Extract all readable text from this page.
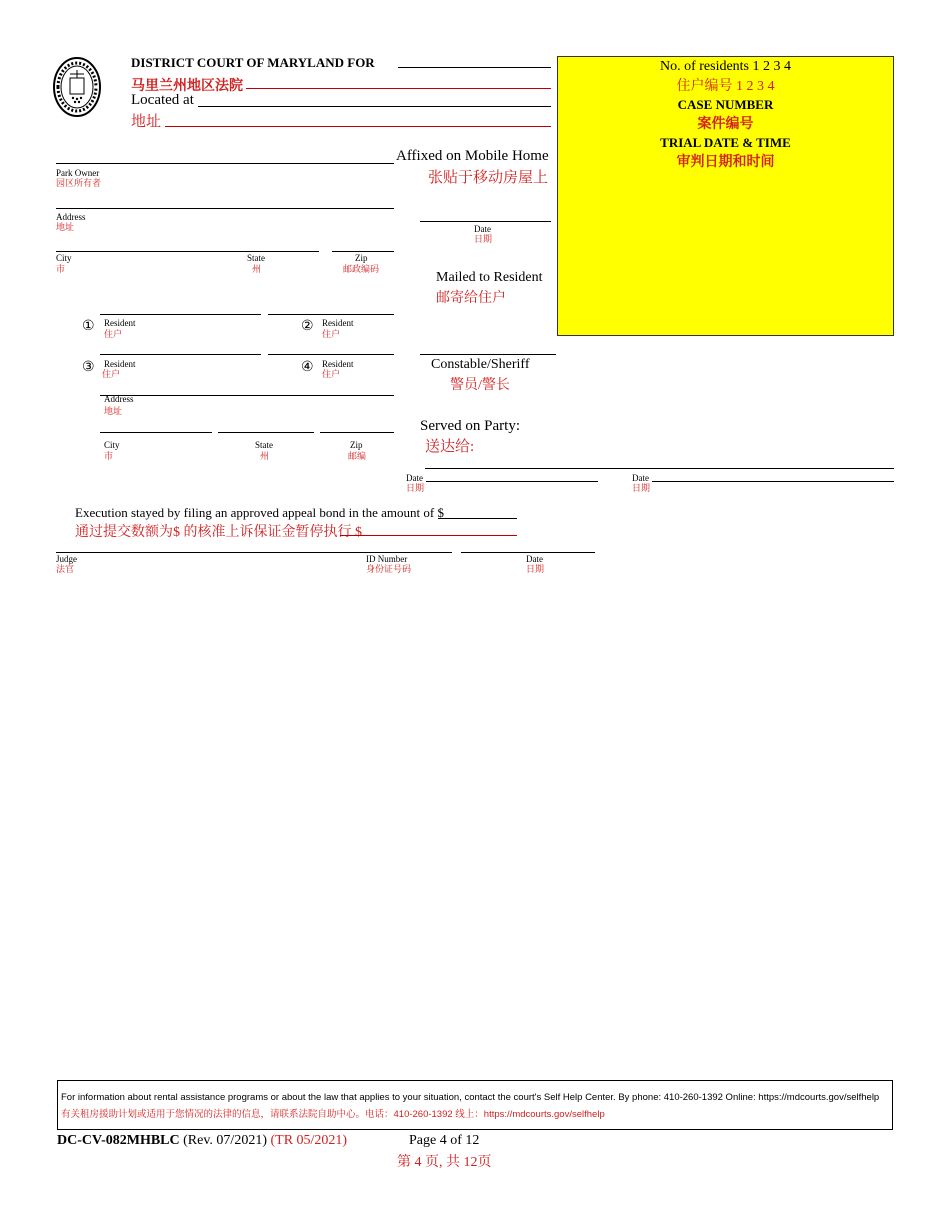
DISTRICT COURT OF MARYLAND FOR
马里兰州地区法院
Located at
地址
No. of residents 1 2 3 4
住户编号 1 2 3 4
CASE NUMBER
案件编号
TRIAL DATE & TIME
审判日期和时间
Park Owner
园区所有者
Address
地址
City
市
State
州
Zip
邮政编码
Affixed on Mobile Home
张贴于移动房屋上
Date
日期
Mailed to Resident
邮寄给住户
① Resident
住户	② Resident
住户
③ Resident
住户	④ Resident
住户
Address
地址
City
市
State
州
Zip
邮编
Constable/Sheriff
警员/警长
Served on Party:
送达给:
Date
日期
Date
日期
Execution stayed by filing an approved appeal bond in the amount of $
通过提交数额为$ 的核准上诉保证金暂停执行 $
Judge
法官
ID Number
身份证号码
Date
日期
For information about rental assistance programs or about the law that applies to your situation, contact the court's Self Help Center. By phone: 410-260-1392 Online: https://mdcourts.gov/selfhelp
有关租房援助计划或适用于您情况的法律的信息，请联系法院自助中心。电话：410-260-1392 线上：https://mdcourts.gov/selfhelp
DC-CV-082MHBLC (Rev. 07/2021) (TR 05/2021)	Page 4 of 12
第 4 页, 共 12页
